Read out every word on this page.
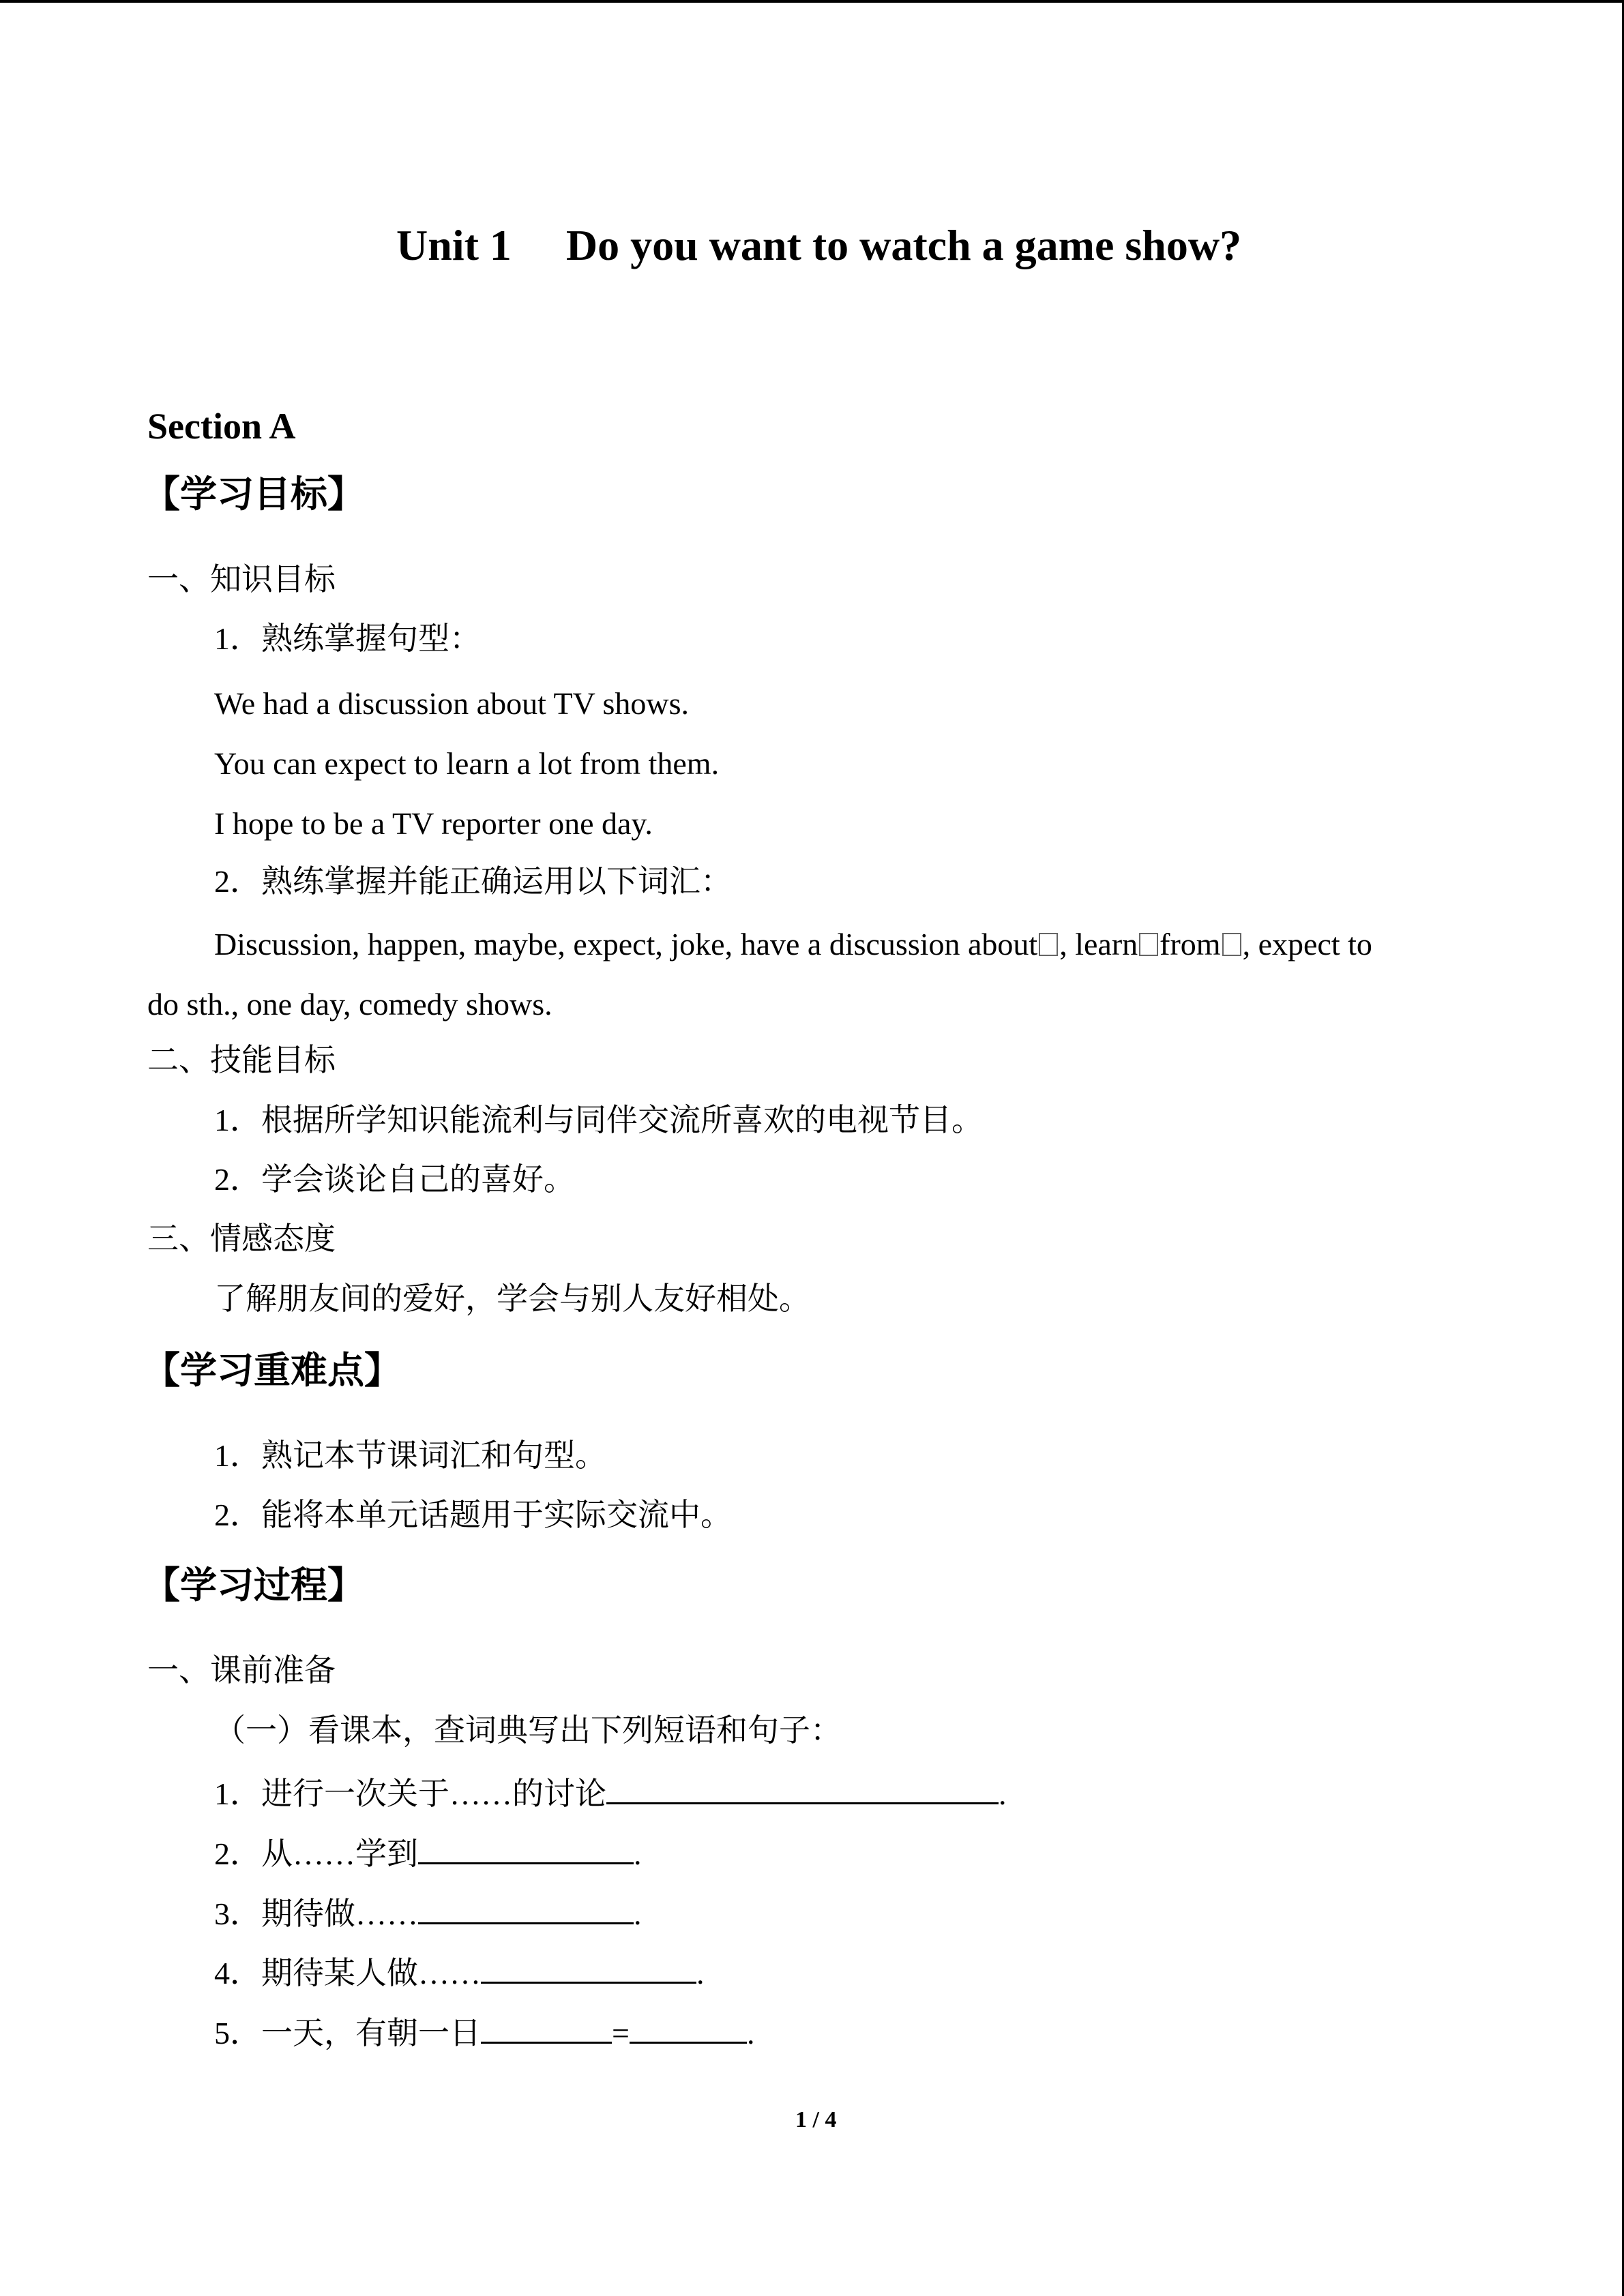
Unit 1　 Do you want to watch a game show?
Section A
【学习目标】
一、知识目标
1．熟练掌握句型：
We had a discussion about TV shows.
You can expect to learn a lot from them.
I hope to be a TV reporter one day.
2．熟练掌握并能正确运用以下词汇：
Discussion, happen, maybe, expect, joke, have a discussion about , learn from , expect to
do sth., one day, comedy shows.
二、技能目标
1．根据所学知识能流利与同伴交流所喜欢的电视节目。
2．学会谈论自己的喜好。
三、情感态度
了解朋友间的爱好，学会与别人友好相处。
【学习重难点】
1．熟记本节课词汇和句型。
2．能将本单元话题用于实际交流中。
【学习过程】
一、课前准备
（一）看课本，查词典写出下列短语和句子：
1．进行一次关于……的讨论	.
2．从……学到	.
3．期待做……	.
4．期待某人做……	.
5．一天，有朝一日	=	.
1 / 4
